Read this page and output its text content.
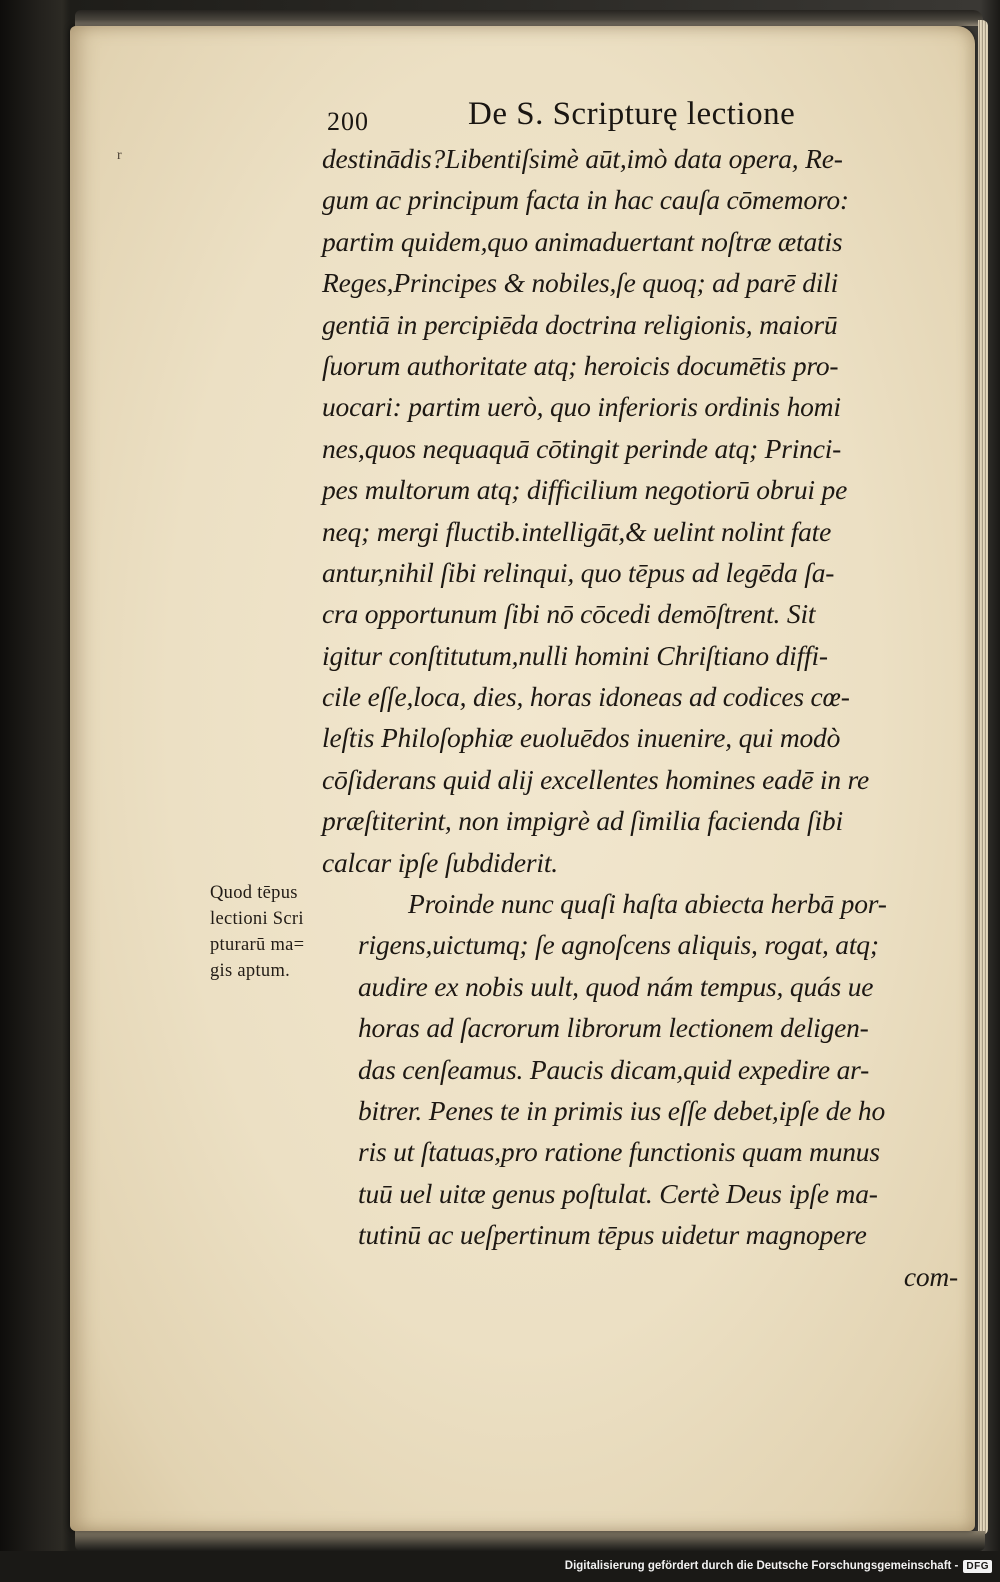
r
200	De S. Scripturę lectione
destinādis?Libentiſsimè aūt,imò data opera, Re-
gum ac principum facta in hac cauſa cōmemoro:
partim quidem,quo animaduertant noſtræ ætatis
Reges,Principes & nobiles,ſe quoq; ad parē dili
gentiā in percipiēda doctrina religionis, maiorū
ſuorum authoritate atq; heroicis documētis pro-
uocari: partim uerò, quo inferioris ordinis homi
nes,quos nequaquā cōtingit perinde atq; Princi-
pes multorum atq; difficilium negotiorū obrui pe
neq; mergi fluctib.intelligāt,& uelint nolint fate
antur,nihil ſibi relinqui, quo tēpus ad legēda ſa-
cra opportunum ſibi nō cōcedi demōſtrent. Sit
igitur conſtitutum,nulli homini Chriſtiano diffi-
cile eſſe,loca, dies, horas idoneas ad codices cœ-
leſtis Philoſophiæ euoluēdos inuenire, qui modò
cōſiderans quid alij excellentes homines eadē in re
præſtiterint, non impigrè ad ſimilia facienda ſibi
calcar ipſe ſubdiderit.
Proinde nunc quaſi haſta abiecta herbā por-
rigens,uictumq; ſe agnoſcens aliquis, rogat, atq;
audire ex nobis uult, quod nám tempus, quás ue
horas ad ſacrorum librorum lectionem deligen-
das cenſeamus. Paucis dicam,quid expedire ar-
bitrer. Penes te in primis ius eſſe debet,ipſe de ho
ris ut ſtatuas,pro ratione functionis quam munus
tuū uel uitæ genus poſtulat. Certè Deus ipſe ma-
tutinū ac ueſpertinum tēpus uidetur magnopere
com-
Quod tēpus
lectioni Scri
pturarū ma=
gis aptum.
Digitalisierung gefördert durch die Deutsche Forschungsgemeinschaft - DFG
